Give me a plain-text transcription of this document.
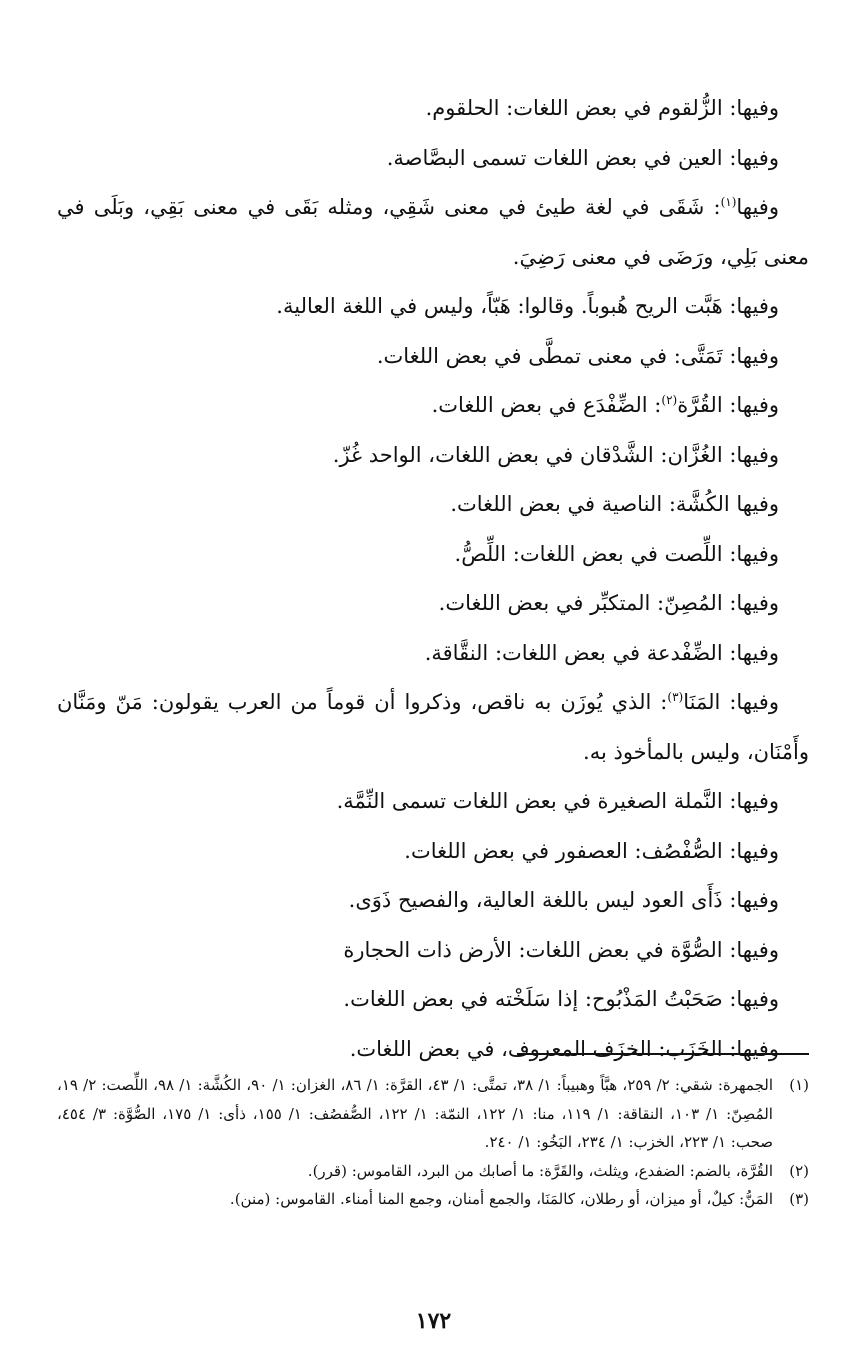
وفيها: الزُّلقوم في بعض اللغات: الحلقوم.

وفيها: العين في بعض اللغات تسمى البصَّاصة.

وفيها$^{(١)}$: شَقَى في لغة طيئ في معنى شَقِي، ومثله بَقَى في معنى بَقِي، وبَلَى في معنى بَلِي، ورَضَى في معنى رَضِيَ.

وفيها: هَبَّت الريح هُبوباً. وقالوا: هَبّاً، وليس في اللغة العالية.

وفيها: تَمَتَّى: في معنى تمطَّى في بعض اللغات.

وفيها: القُرَّة$^{(٢)}$: الضِّفْدَع في بعض اللغات.

وفيها: الغُزَّان: الشَّدْقان في بعض اللغات، الواحد غُزّ.

وفيها الكُشَّة: الناصية في بعض اللغات.

وفيها: اللِّصت في بعض اللغات: اللِّصُّ.

وفيها: المُصِنّ: المتكبِّر في بعض اللغات.

وفيها: الضِّفْدعة في بعض اللغات: النقَّاقة.

وفيها: المَنَا$^{(٣)}$: الذي يُوزَن به ناقص، وذكروا أن قوماً من العرب يقولون: مَنّ ومَنَّان وأَمْنَان، وليس بالمأخوذ به.

وفيها: النَّملة الصغيرة في بعض اللغات تسمى النِّمَّة.

وفيها: الصُّفْصُف: العصفور في بعض اللغات.

وفيها: ذَأَى العود ليس باللغة العالية، والفصيح ذَوَى.

وفيها: الصُّوَّة في بعض اللغات: الأرض ذات الحجارة

وفيها: صَحَبْتُ المَذْبُوح: إذا سَلَخْته في بعض اللغات.

وفيها: الخَزَب: الخزَف المعروف، في بعض اللغات.

(١)
الجمهرة: شقي: ٢/ ٢٥٩، هبَّاً وهبيباً: ١/ ٣٨، تمتَّى: ١/ ٤٣، القرَّة: ١/ ٨٦، الغزان: ١/ ٩٠، الكُشَّة: ١/ ٩٨، اللِّصت: ٢/ ١٩، المُصِنّ: ١/ ١٠٣، النقاقة: ١/ ١١٩، منا: ١/ ١٢٢، النمّة: ١/ ١٢٢، الصُّفصُف: ١/ ١٥٥، ذأى: ١/ ١٧٥، الصُّوَّة: ٣/ ٤٥٤، صحب: ١/ ٢٢٣، الخزب: ١/ ٢٣٤، البَخُو: ١/ ٢٤٠.
(٢)
القُرَّة، بالضم: الضفدع، ويثلث، والقَرَّة: ما أصابك من البرد، القاموس: (قرر).
(٣)
المَنُّ: كيلٌ، أو ميزان، أو رطلان، كالمَنَا، والجمع أمنان، وجمع المنا أمناء. القاموس: (منن).
١٧٢
